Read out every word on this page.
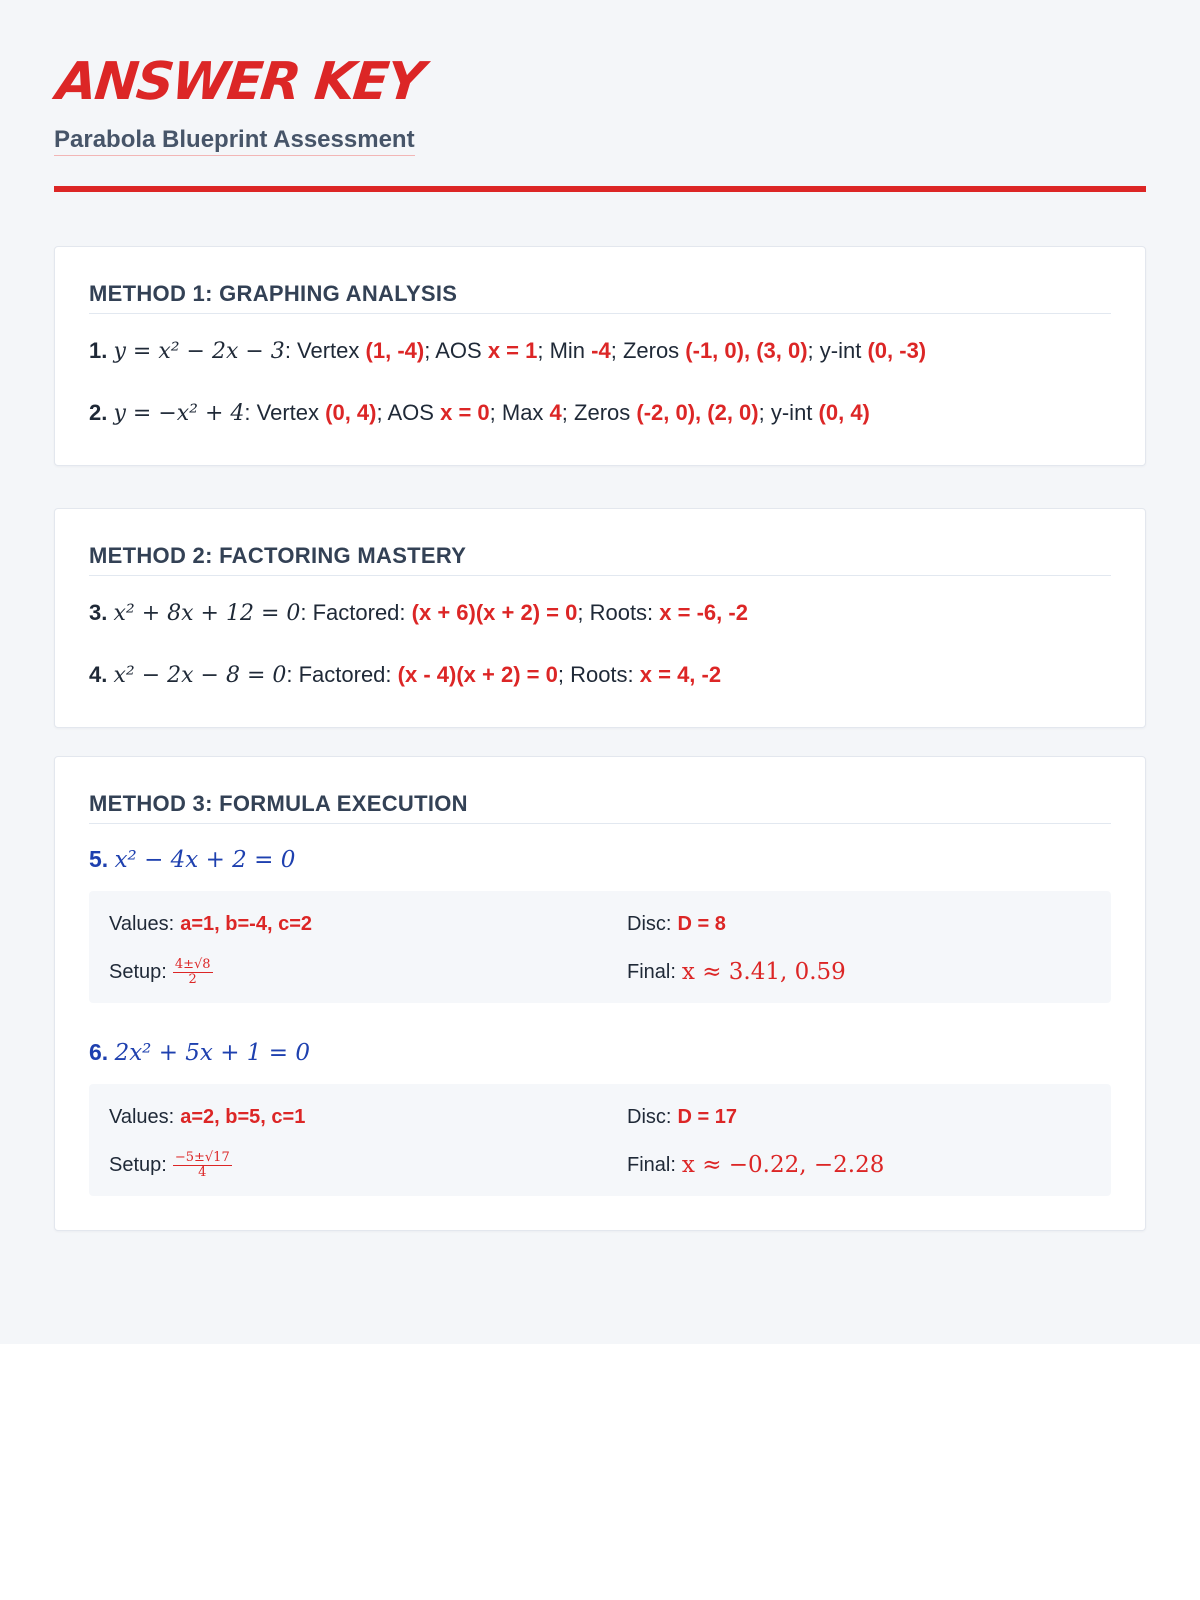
ANSWER KEY
Parabola Blueprint Assessment
METHOD 1: GRAPHING ANALYSIS

1. y = x² − 2x − 3: Vertex (1, -4); AOS x = 1; Min -4; Zeros (-1, 0), (3, 0); y-int (0, -3)

2. y = −x² + 4: Vertex (0, 4); AOS x = 0; Max 4; Zeros (-2, 0), (2, 0); y-int (0, 4)

METHOD 2: FACTORING MASTERY

3. x² + 8x + 12 = 0: Factored: (x + 6)(x + 2) = 0; Roots: x = -6, -2

4. x² − 2x − 8 = 0: Factored: (x - 4)(x + 2) = 0; Roots: x = 4, -2

METHOD 3: FORMULA EXECUTION
5. x² − 4x + 2 = 0
Values: a=1, b=-4, c=2	Disc: D = 8
Setup: $\frac{4\pm√8}{2}$	Final: x ≈ 3.41, 0.59
6. 2x² + 5x + 1 = 0
Values: a=2, b=5, c=1	Disc: D = 17
Setup: $\frac{-5\pm√17}{4}$	Final: x ≈ −0.22, −2.28
